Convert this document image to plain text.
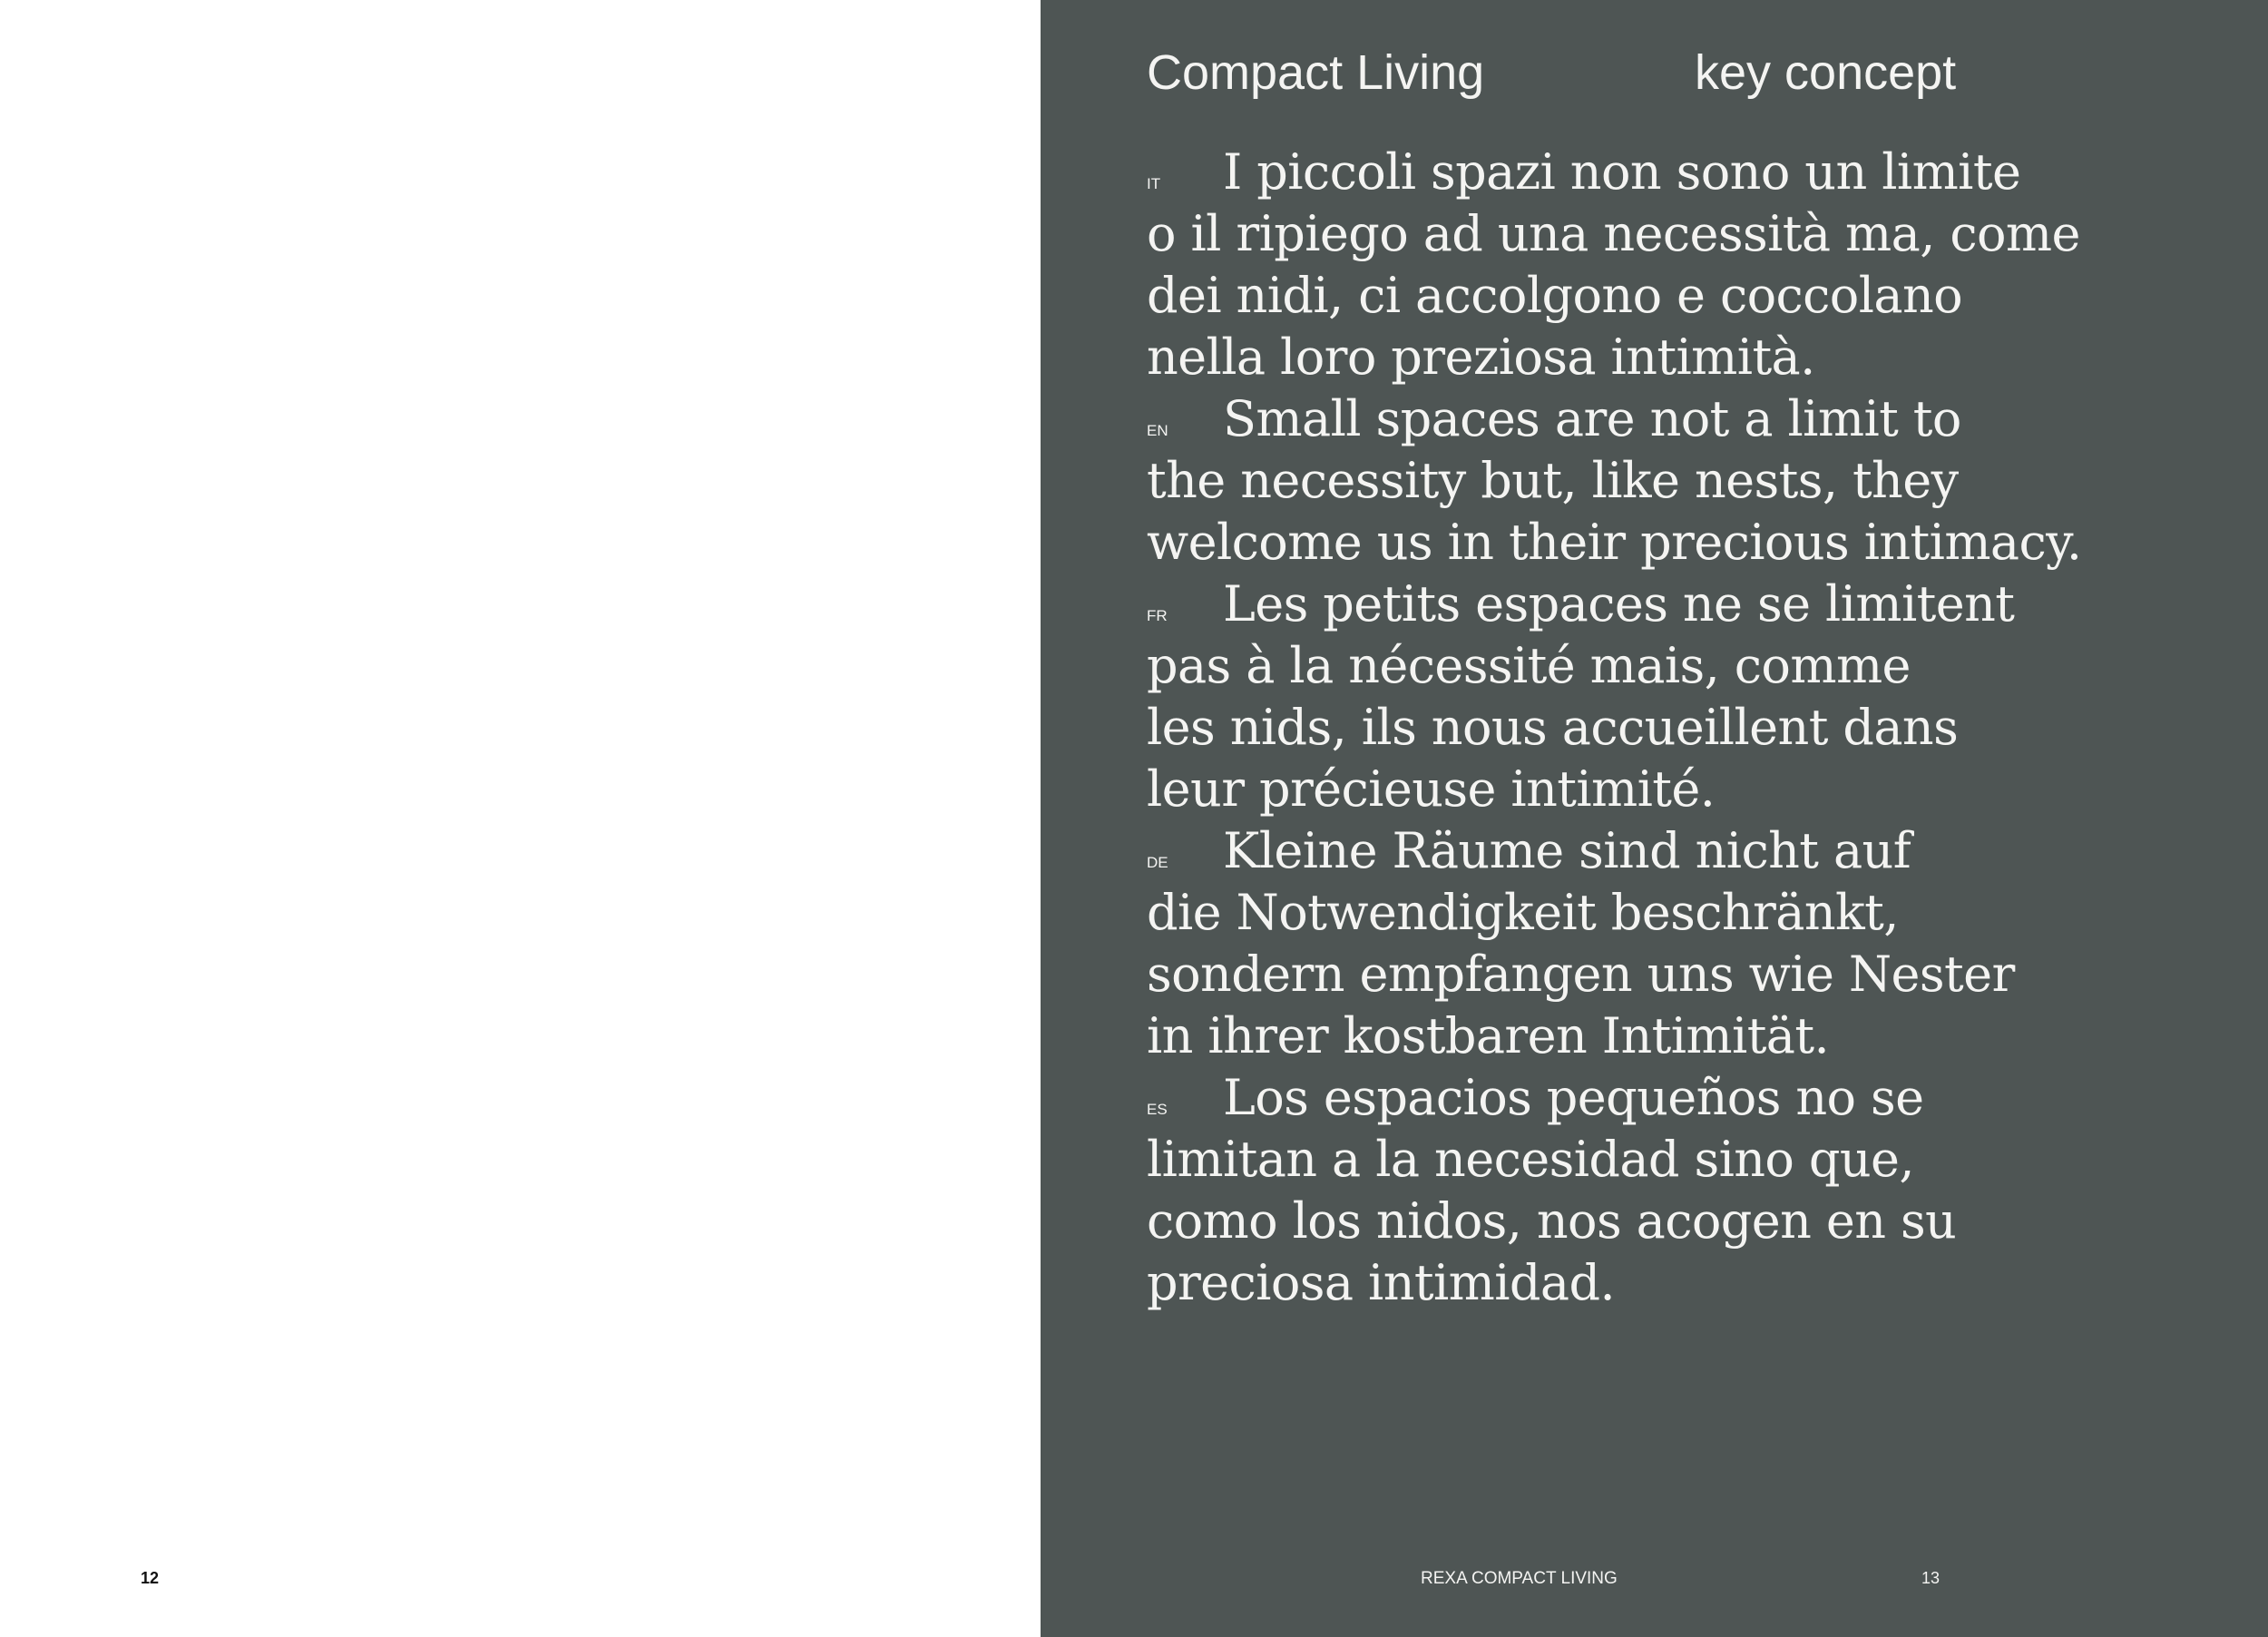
12
Compact Living	key concept
IT I piccoli spazi non sono un limite
o il ripiego ad una necessità ma, come
dei nidi, ci accolgono e coccolano
nella loro preziosa intimità.
EN Small spaces are not a limit to
the necessity but, like nests, they
welcome us in their precious intimacy.
FR Les petits espaces ne se limitent
pas à la nécessité mais, comme
les nids, ils nous accueillent dans
leur précieuse intimité.
DE Kleine Räume sind nicht auf
die Notwendigkeit beschränkt,
sondern empfangen uns wie Nester
in ihrer kostbaren Intimität.
ES Los espacios pequeños no se
limitan a la necesidad sino que,
como los nidos, nos acogen en su
preciosa intimidad.
REXA COMPACT LIVING	13
